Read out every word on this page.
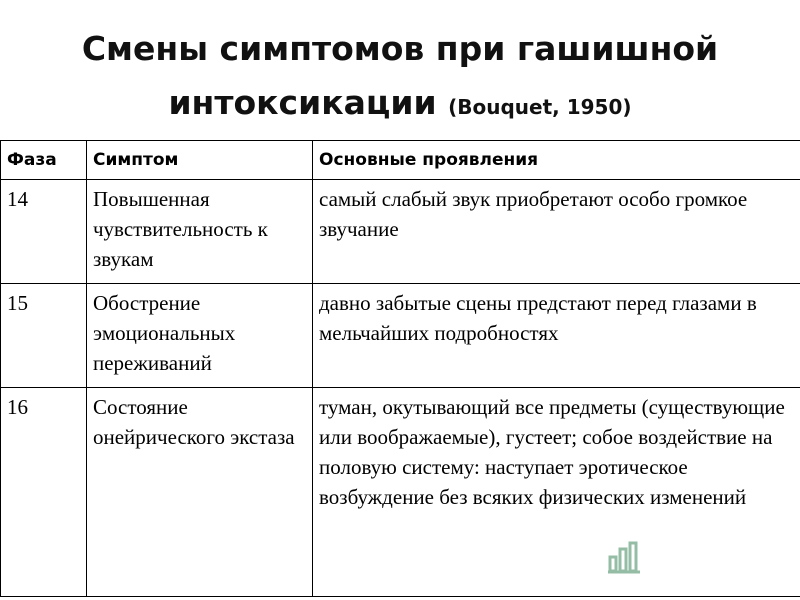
Смены симптомов при гашишной
интоксикации (Bouquet, 1950)
Фаза	Симптом	Основные проявления
14	Повышенная чувствительность к звукам	самый слабый звук приобретают особо громкое звучание
15	Обострение эмоциональных переживаний	давно забытые сцены предстают перед глазами в мельчайших подробностях
16	Состояние онейрического экстаза	туман, окутывающий все предметы (существующие или воображаемые), густеет; собое воздействие на половую систему: наступает эротическое возбуждение без всяких физических изменений
